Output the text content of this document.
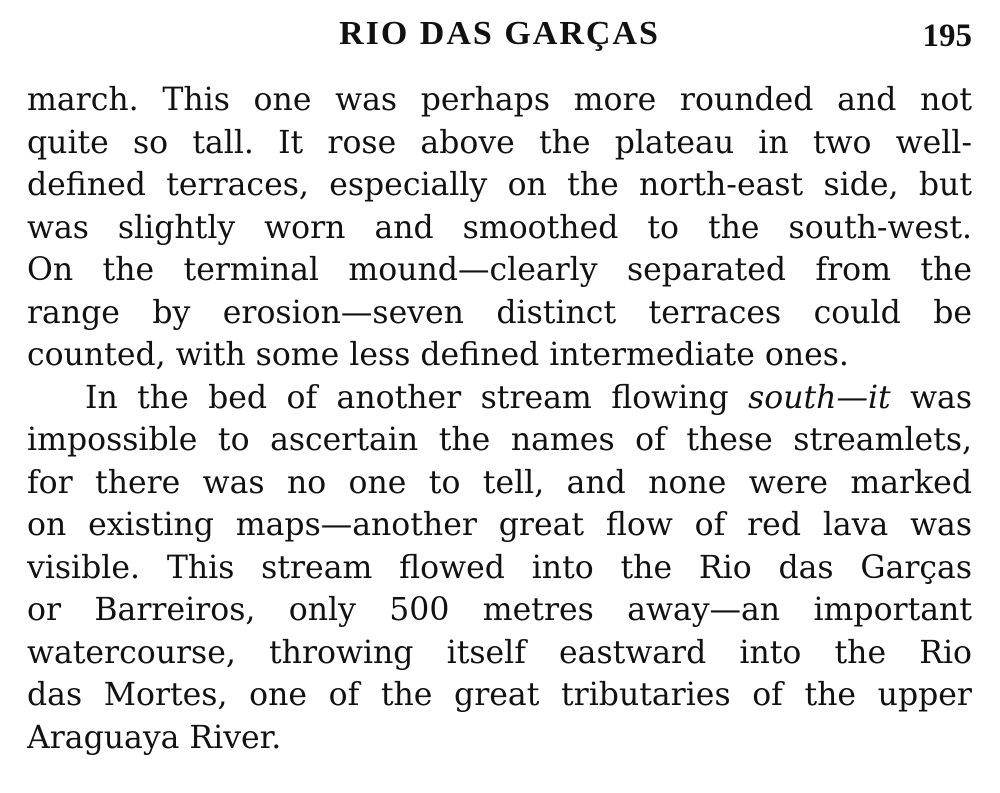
RIO DAS GARÇAS	195
march. This one was perhaps more rounded and not
quite so tall. It rose above the plateau in two well-
defined terraces, especially on the north-east side, but
was slightly worn and smoothed to the south-west.
On the terminal mound—clearly separated from the
range by erosion—seven distinct terraces could be
counted, with some less defined intermediate ones.
In the bed of another stream flowing south—it was
impossible to ascertain the names of these streamlets,
for there was no one to tell, and none were marked
on existing maps—another great flow of red lava was
visible. This stream flowed into the Rio das Garças
or Barreiros, only 500 metres away—an important
watercourse, throwing itself eastward into the Rio
das Mortes, one of the great tributaries of the upper
Araguaya River.
